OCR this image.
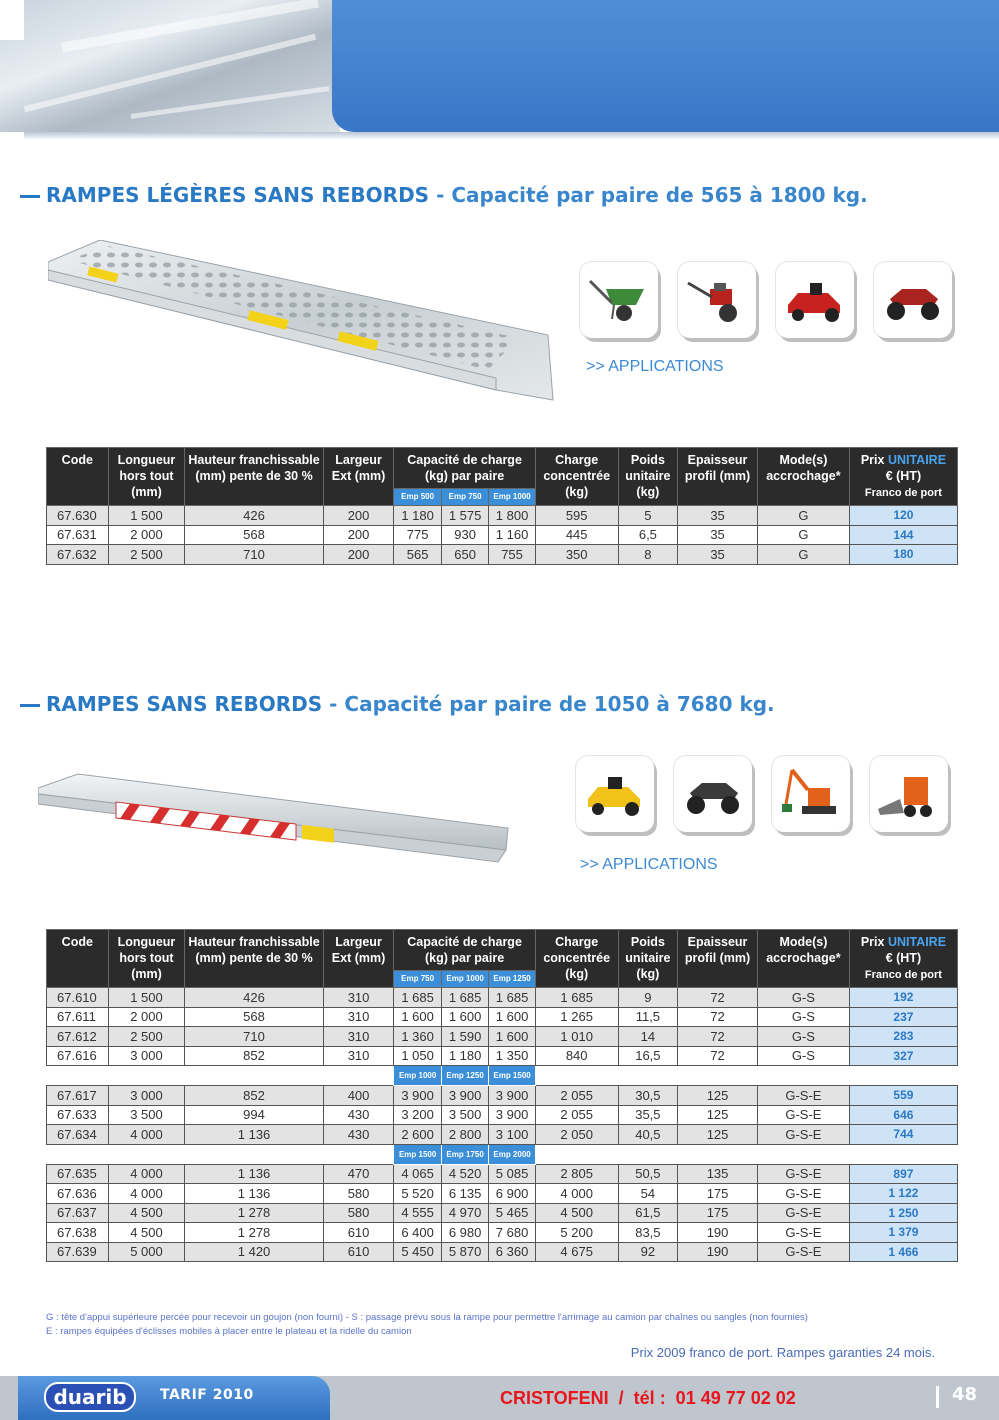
RAMPES LÉGÈRES SANS REBORDS - Capacité par paire de 565 à 1800 kg.
>> APPLICATIONS
Code	Longueur hors tout (mm)	Hauteur franchissable (mm) pente de 30 %	Largeur Ext (mm)	Capacité de charge (kg) par paire			Charge concentrée (kg)	Poids unitaire (kg)	Epaisseur profil (mm)	Mode(s) accrochage*	Prix UNITAIRE
€ (HT)
Franco de port
				Emp 500	Emp 750	Emp 1000					
67.630	1 500	426	200	1 180	1 575	1 800	595	5	35	G	120
67.631	2 000	568	200	775	930	1 160	445	6,5	35	G	144
67.632	2 500	710	200	565	650	755	350	8	35	G	180
RAMPES SANS REBORDS - Capacité par paire de 1050 à 7680 kg.
>> APPLICATIONS
Code	Longueur hors tout (mm)	Hauteur franchissable (mm) pente de 30 %	Largeur Ext (mm)	Capacité de charge (kg) par paire			Charge concentrée (kg)	Poids unitaire (kg)	Epaisseur profil (mm)	Mode(s) accrochage*	Prix UNITAIRE
€ (HT)
Franco de port
				Emp 750	Emp 1000	Emp 1250					
67.610	1 500	426	310	1 685	1 685	1 685	1 685	9	72	G-S	192
67.611	2 000	568	310	1 600	1 600	1 600	1 265	11,5	72	G-S	237
67.612	2 500	710	310	1 360	1 590	1 600	1 010	14	72	G-S	283
67.616	3 000	852	310	1 050	1 180	1 350	840	16,5	72	G-S	327
				Emp 1000	Emp 1250	Emp 1500					
67.617	3 000	852	400	3 900	3 900	3 900	2 055	30,5	125	G-S-E	559
67.633	3 500	994	430	3 200	3 500	3 900	2 055	35,5	125	G-S-E	646
67.634	4 000	1 136	430	2 600	2 800	3 100	2 050	40,5	125	G-S-E	744
				Emp 1500	Emp 1750	Emp 2000					
67.635	4 000	1 136	470	4 065	4 520	5 085	2 805	50,5	135	G-S-E	897
67.636	4 000	1 136	580	5 520	6 135	6 900	4 000	54	175	G-S-E	1 122
67.637	4 500	1 278	580	4 555	4 970	5 465	4 500	61,5	175	G-S-E	1 250
67.638	4 500	1 278	610	6 400	6 980	7 680	5 200	83,5	190	G-S-E	1 379
67.639	5 000	1 420	610	5 450	5 870	6 360	4 675	92	190	G-S-E	1 466
G : tête d'appui supérieure percée pour recevoir un goujon (non fourni) - S : passage prévu sous la rampe pour permettre l'arrimage au camion par chaînes ou sangles (non fournies)
E : rampes équipées d'éclisses mobiles à placer entre le plateau et la ridelle du camion
Prix 2009 franco de port. Rampes garanties 24 mois.
duarib	TARIF 2010	CRISTOFENI  /  tél :  01 49 77 02 02	48
